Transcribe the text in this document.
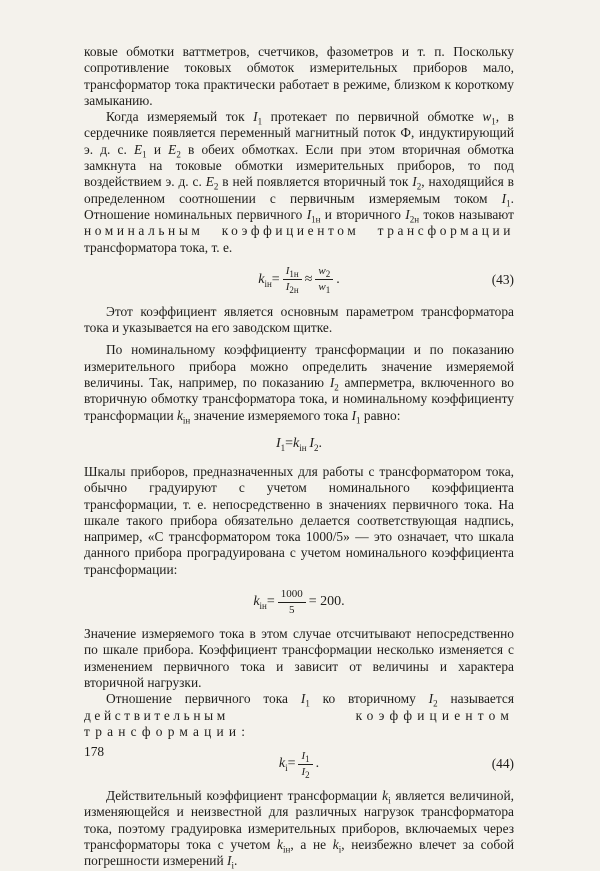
ковые обмотки ваттметров, счетчиков, фазометров и т. п. Поскольку сопротивление токовых обмоток измерительных приборов мало, трансформатор тока практически работает в режиме, близком к короткому замыканию.

Когда измеряемый ток $I_1$ протекает по первичной обмотке $w_1$, в сердечнике появляется переменный магнитный поток Ф, индуктирующий э. д. с. $E_1$ и $E_2$ в обеих обмотках. Если при этом вторичная обмотка замкнута на токовые обмотки измерительных приборов, то под воздействием э. д. с. $E_2$ в ней появляется вторичный ток $I_2$, находящийся в определенном соотношении с первичным измеряемым током $I_1$. Отношение номинальных первичного $I_{1н}$ и вторичного $I_{2н}$ токов называют номинальным коэффициентом трансформации трансформатора тока, т. е.

$k_{iн} = \frac{I_{1н}}{I_{2н}} \approx \frac{w_2}{w_1}$ .	(43)

Этот коэффициент является основным параметром трансформатора тока и указывается на его заводском щитке.

По номинальному коэффициенту трансформации и по показанию измерительного прибора можно определить значение измеряемой величины. Так, например, по показанию $I_2$ амперметра, включенного во вторичную обмотку трансформатора тока, и номинальному коэффициенту трансформации $k_{iн}$ значение измеряемого тока $I_1$ равно:

$I_1 = k_{iн}$
  $I_2$ .

Шкалы приборов, предназначенных для работы с трансформатором тока, обычно градуируют с учетом номинального коэффициента трансформации, т. е. непосредственно в значениях первичного тока. На шкале такого прибора обязательно делается соответствующая надпись, например, «С трансформатором тока 1000/5» — это означает, что шкала данного прибора проградуирована с учетом номинального коэффициента трансформации:

$k_{iн} = \frac{1000}{5} = 200$.

Значение измеряемого тока в этом случае отсчитывают непосредственно по шкале прибора. Коэффициент трансформации несколько изменяется с изменением первичного тока и зависит от величины и характера вторичной нагрузки.

Отношение первичного тока $I_1$ ко вторичному $I_2$ называется действительным	коэффициентом трансформации:

$k_i = \frac{I_1}{I_2}$ .	(44)

Действительный коэффициент трансформации $k_i$ является величиной, изменяющейся и неизвестной для различных нагрузок трансформатора тока, поэтому градуировка измерительных приборов, включаемых через трансформаторы тока с учетом $k_{iн}$, а не $k_i$, неизбежно влечет за собой погрешности измерений $I_i$.

178
